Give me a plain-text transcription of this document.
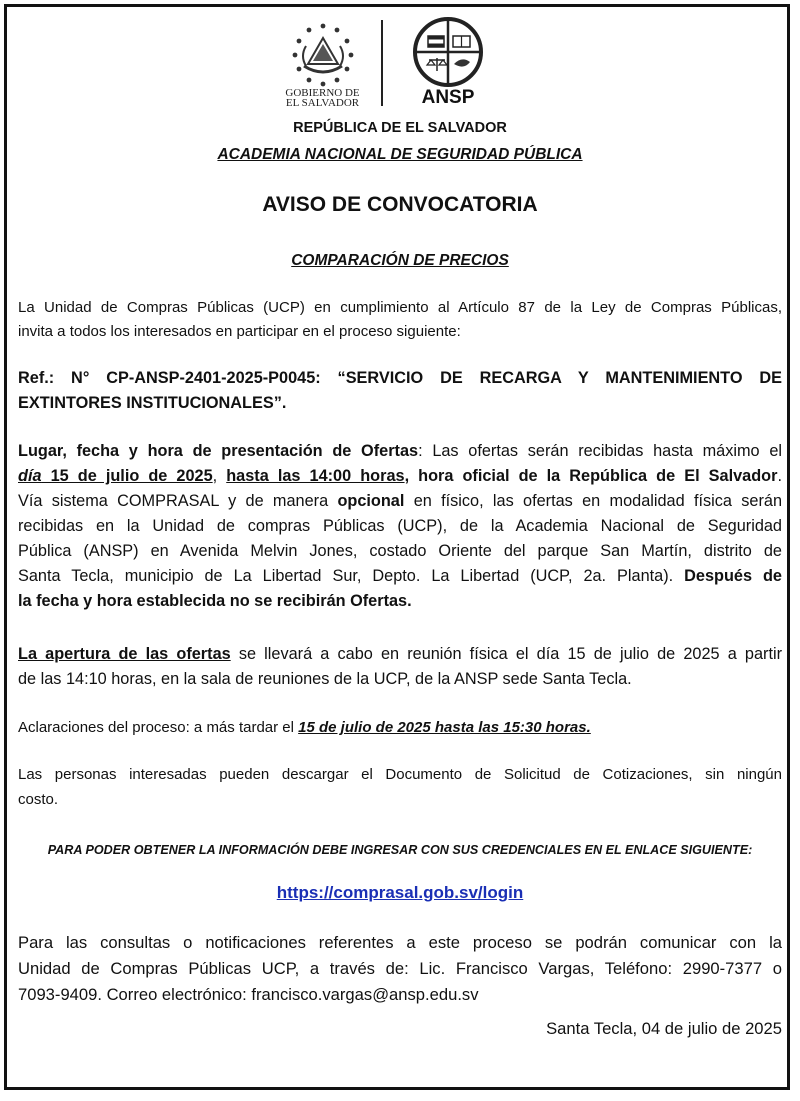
GOBIERNO DE
EL SALVADOR	ANSP
REPÚBLICA DE EL SALVADOR
ACADEMIA NACIONAL DE SEGURIDAD PÚBLICA
AVISO DE CONVOCATORIA
COMPARACIÓN DE PRECIOS
La Unidad de Compras Públicas (UCP) en cumplimiento al Artículo 87 de la Ley de Compras Públicas,
invita a todos los interesados en participar en el proceso siguiente:
Ref.: N° CP-ANSP-2401-2025-P0045: “SERVICIO DE RECARGA Y MANTENIMIENTO DE
EXTINTORES INSTITUCIONALES”.
Lugar, fecha y hora de presentación de Ofertas: Las ofertas serán recibidas hasta máximo el
día 15 de julio de 2025, hasta las 14:00 horas, hora oficial de la República de El Salvador.
Vía sistema COMPRASAL y de manera opcional en físico, las ofertas en modalidad física serán
recibidas en la Unidad de compras Públicas (UCP), de la Academia Nacional de Seguridad
Pública (ANSP) en Avenida Melvin Jones, costado Oriente del parque San Martín, distrito de
Santa Tecla, municipio de La Libertad Sur, Depto. La Libertad (UCP, 2a. Planta). Después de
la fecha y hora establecida no se recibirán Ofertas.
La apertura de las ofertas se llevará a cabo en reunión física el día 15 de julio de 2025 a partir
de las 14:10 horas, en la sala de reuniones de la UCP, de la ANSP sede Santa Tecla.
Aclaraciones del proceso: a más tardar el 15 de julio de 2025 hasta las 15:30 horas.
Las personas interesadas pueden descargar el Documento de Solicitud de Cotizaciones, sin ningún
costo.
PARA PODER OBTENER LA INFORMACIÓN DEBE INGRESAR CON SUS CREDENCIALES EN EL ENLACE SIGUIENTE:
https://comprasal.gob.sv/login
Para las consultas o notificaciones referentes a este proceso se podrán comunicar con la
Unidad de Compras Públicas UCP, a través de: Lic. Francisco Vargas, Teléfono: 2990-7377 o
7093-9409. Correo electrónico: francisco.vargas@ansp.edu.sv
Santa Tecla, 04 de julio de 2025
